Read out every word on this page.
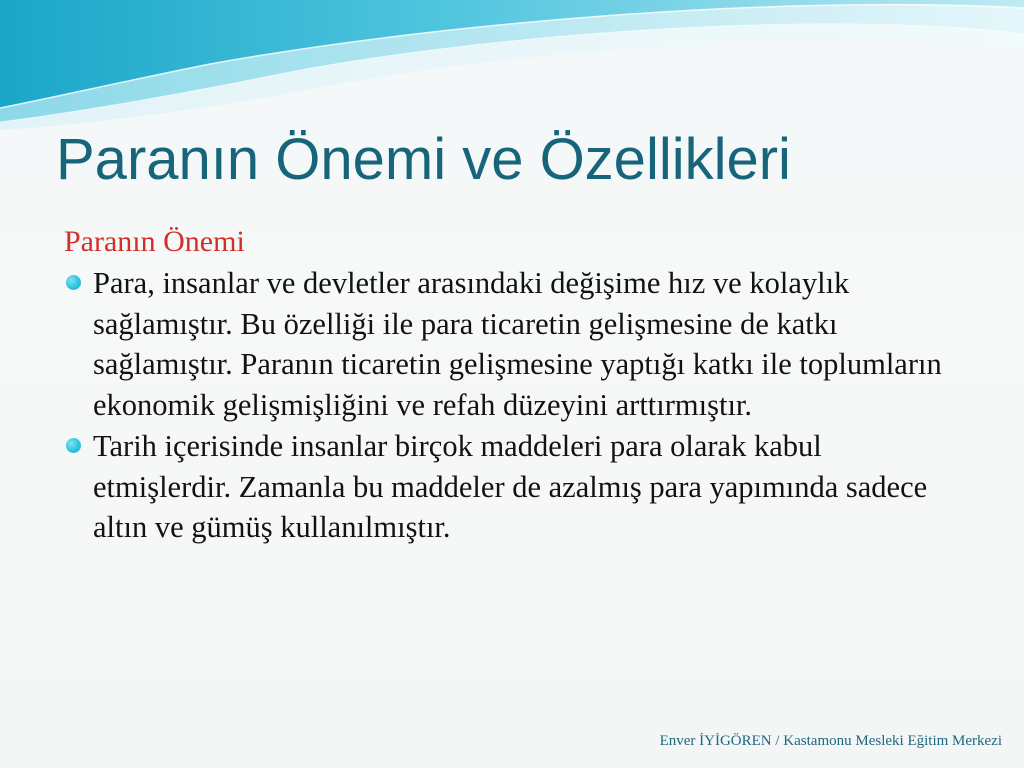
Paranın Önemi ve Özellikleri
Paranın Önemi
Para, insanlar ve devletler arasındaki değişime hız ve kolaylık sağlamıştır. Bu özelliği ile para ticaretin gelişmesine de katkı sağlamıştır. Paranın ticaretin gelişmesine yaptığı katkı ile toplumların ekonomik gelişmişliğini ve refah düzeyini arttırmıştır.
Tarih içerisinde insanlar birçok maddeleri para olarak kabul etmişlerdir. Zamanla bu maddeler de azalmış para yapımında sadece altın ve gümüş kullanılmıştır.
Enver İYİGÖREN / Kastamonu Mesleki Eğitim Merkezi
